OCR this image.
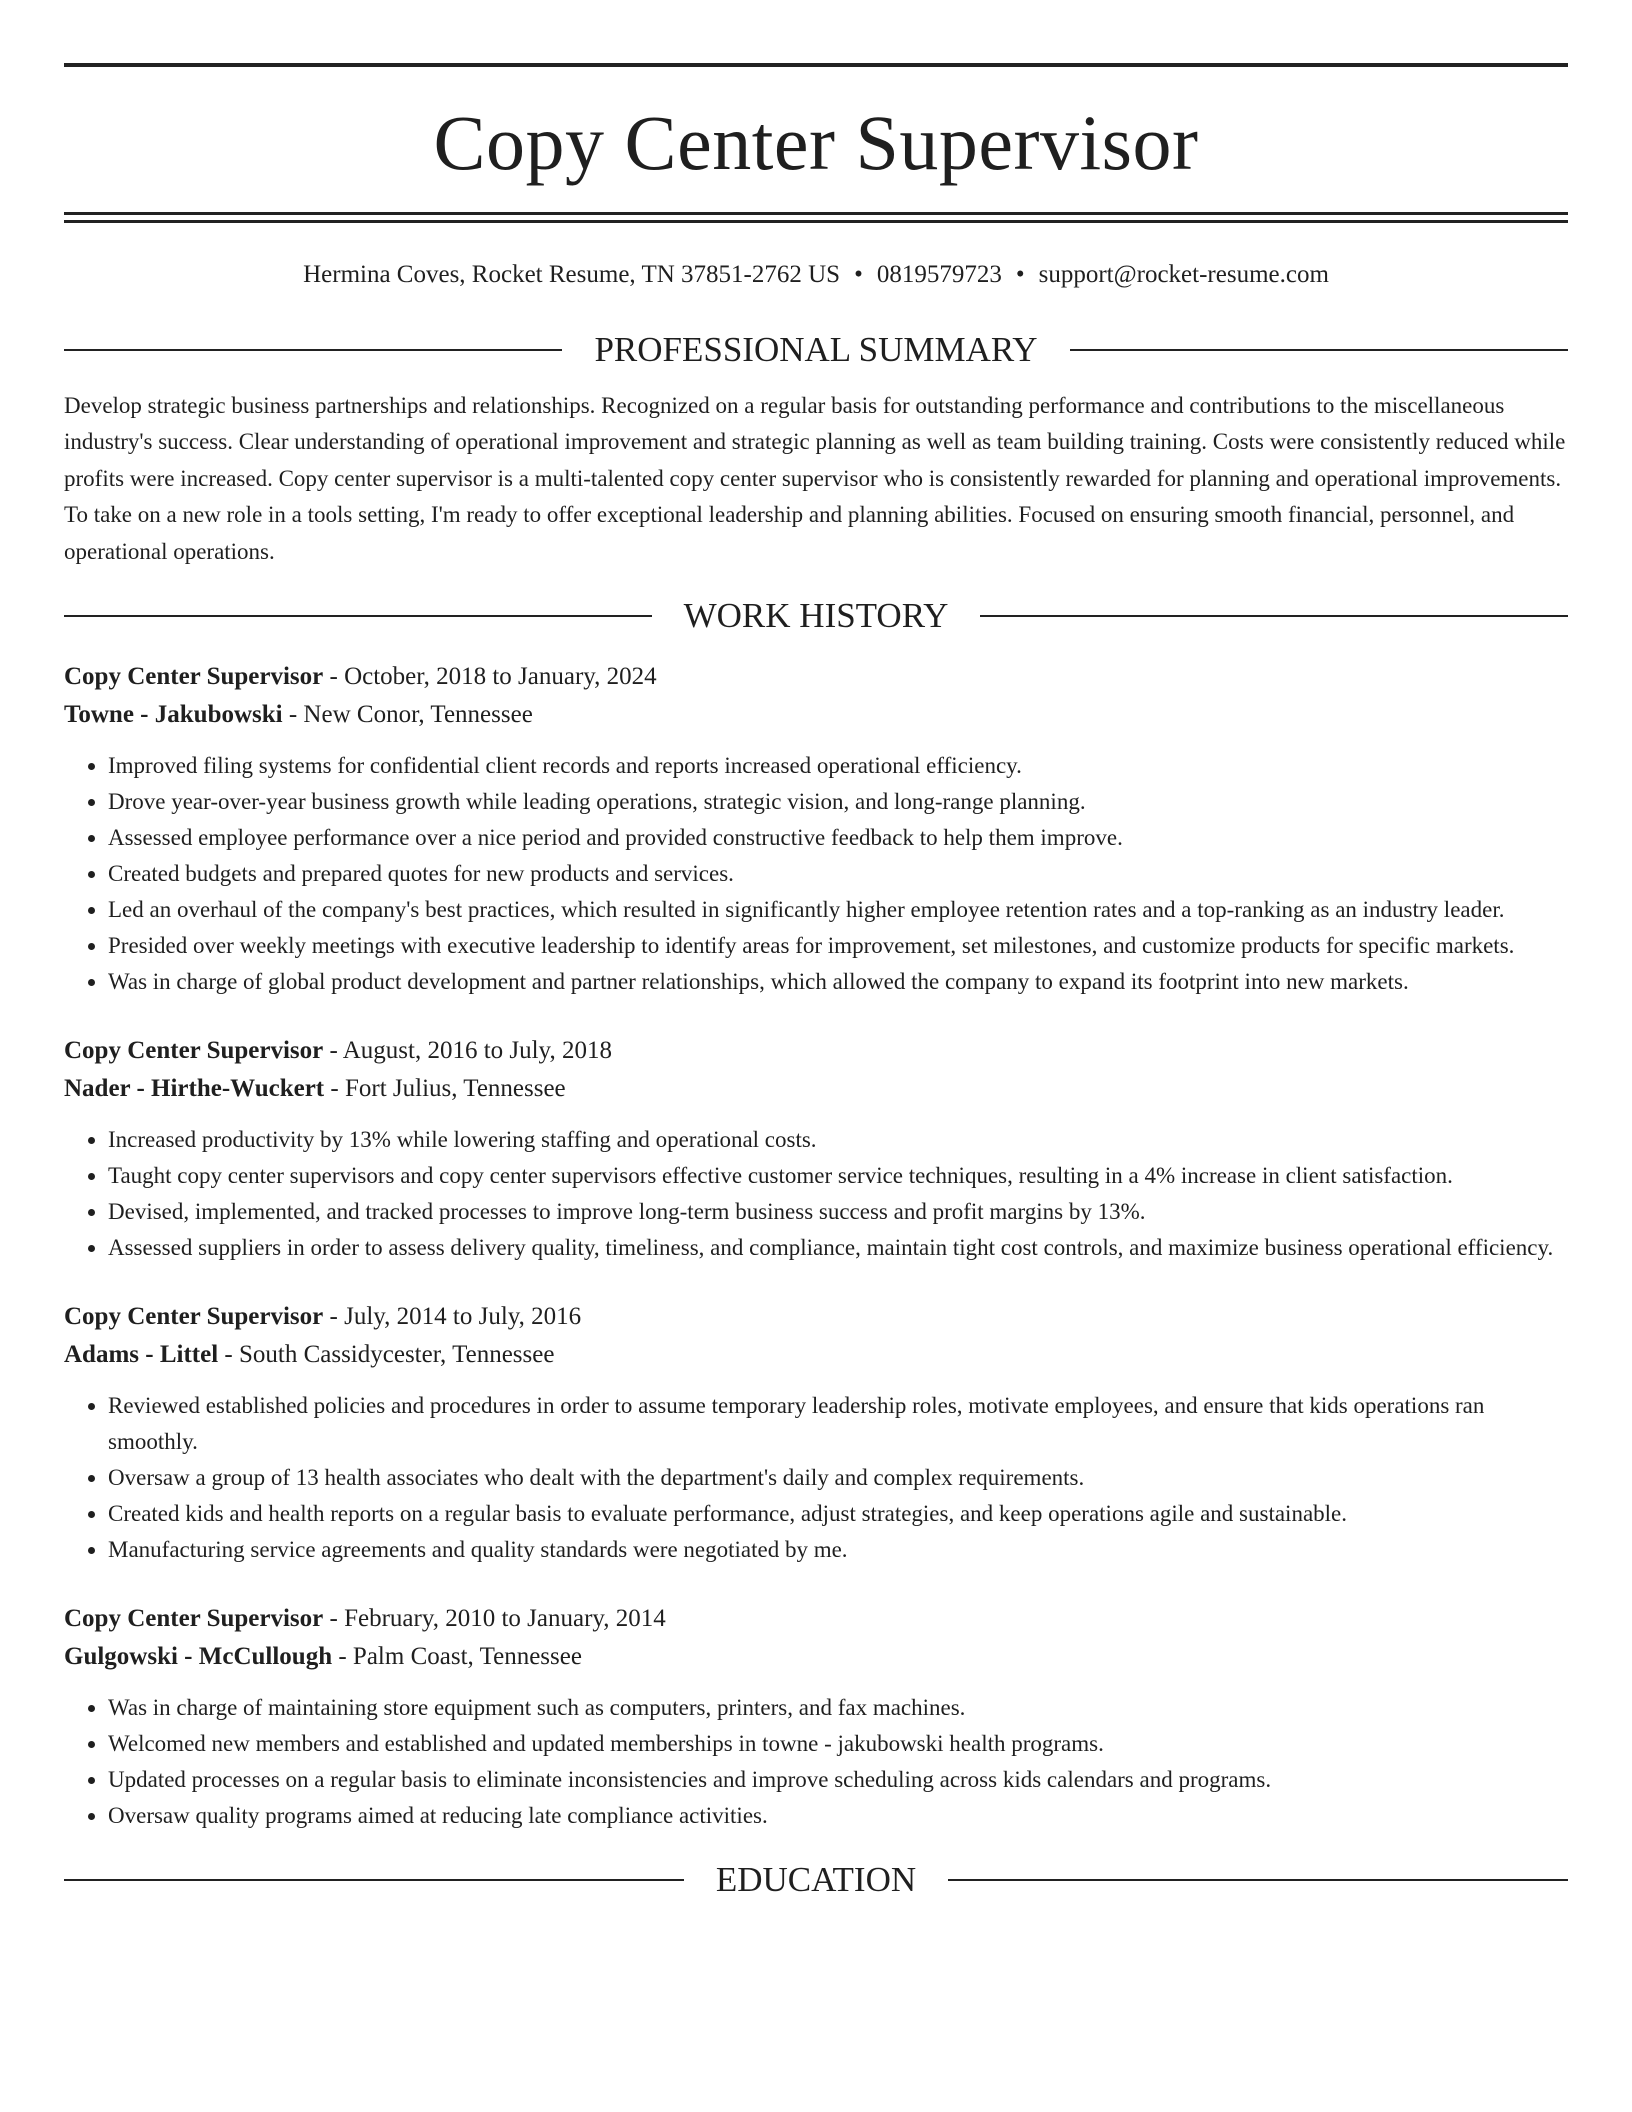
Copy Center Supervisor
Hermina Coves, Rocket Resume, TN 37851-2762 US • 0819579723 • support@rocket-resume.com
PROFESSIONAL SUMMARY
Develop strategic business partnerships and relationships. Recognized on a regular basis for outstanding performance and contributions to the miscellaneous industry's success. Clear understanding of operational improvement and strategic planning as well as team building training. Costs were consistently reduced while profits were increased. Copy center supervisor is a multi-talented copy center supervisor who is consistently rewarded for planning and operational improvements. To take on a new role in a tools setting, I'm ready to offer exceptional leadership and planning abilities. Focused on ensuring smooth financial, personnel, and operational operations.
WORK HISTORY
Copy Center Supervisor - October, 2018 to January, 2024
Towne - Jakubowski - New Conor, Tennessee
• Improved filing systems for confidential client records and reports increased operational efficiency.
• Drove year-over-year business growth while leading operations, strategic vision, and long-range planning.
• Assessed employee performance over a nice period and provided constructive feedback to help them improve.
• Created budgets and prepared quotes for new products and services.
• Led an overhaul of the company's best practices, which resulted in significantly higher employee retention rates and a top-ranking as an industry leader.
• Presided over weekly meetings with executive leadership to identify areas for improvement, set milestones, and customize products for specific markets.
• Was in charge of global product development and partner relationships, which allowed the company to expand its footprint into new markets.
Copy Center Supervisor - August, 2016 to July, 2018
Nader - Hirthe-Wuckert - Fort Julius, Tennessee
• Increased productivity by 13% while lowering staffing and operational costs.
• Taught copy center supervisors and copy center supervisors effective customer service techniques, resulting in a 4% increase in client satisfaction.
• Devised, implemented, and tracked processes to improve long-term business success and profit margins by 13%.
• Assessed suppliers in order to assess delivery quality, timeliness, and compliance, maintain tight cost controls, and maximize business operational efficiency.
Copy Center Supervisor - July, 2014 to July, 2016
Adams - Littel - South Cassidycester, Tennessee
• Reviewed established policies and procedures in order to assume temporary leadership roles, motivate employees, and ensure that kids operations ran smoothly.
• Oversaw a group of 13 health associates who dealt with the department's daily and complex requirements.
• Created kids and health reports on a regular basis to evaluate performance, adjust strategies, and keep operations agile and sustainable.
• Manufacturing service agreements and quality standards were negotiated by me.
Copy Center Supervisor - February, 2010 to January, 2014
Gulgowski - McCullough - Palm Coast, Tennessee
• Was in charge of maintaining store equipment such as computers, printers, and fax machines.
• Welcomed new members and established and updated memberships in towne - jakubowski health programs.
• Updated processes on a regular basis to eliminate inconsistencies and improve scheduling across kids calendars and programs.
• Oversaw quality programs aimed at reducing late compliance activities.
EDUCATION
